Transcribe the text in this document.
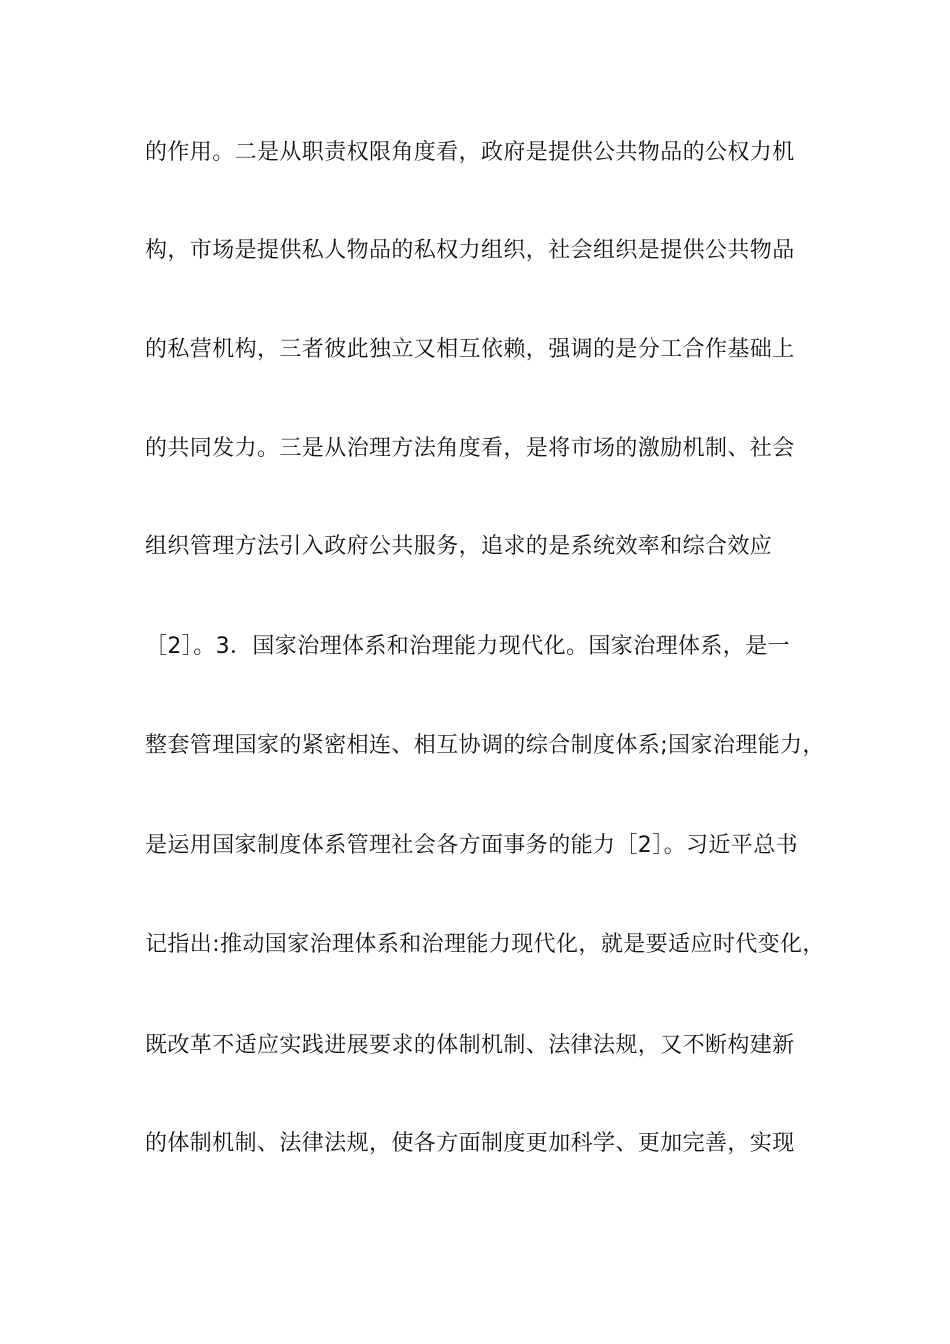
的作用。二是从职责权限角度看，政府是提供公共物品的公权力机
构，市场是提供私人物品的私权力组织，社会组织是提供公共物品
的私营机构，三者彼此独立又相互依赖，强调的是分工合作基础上
的共同发力。三是从治理方法角度看，是将市场的激励机制、社会
组织管理方法引入政府公共服务，追求的是系统效率和综合效应
［2］。3．国家治理体系和治理能力现代化。国家治理体系，是一
整套管理国家的紧密相连、相互协调的综合制度体系;国家治理能力，
是运用国家制度体系管理社会各方面事务的能力［2］。习近平总书
记指出:推动国家治理体系和治理能力现代化，就是要适应时代变化，
既改革不适应实践进展要求的体制机制、法律法规，又不断构建新
的体制机制、法律法规，使各方面制度更加科学、更加完善，实现
